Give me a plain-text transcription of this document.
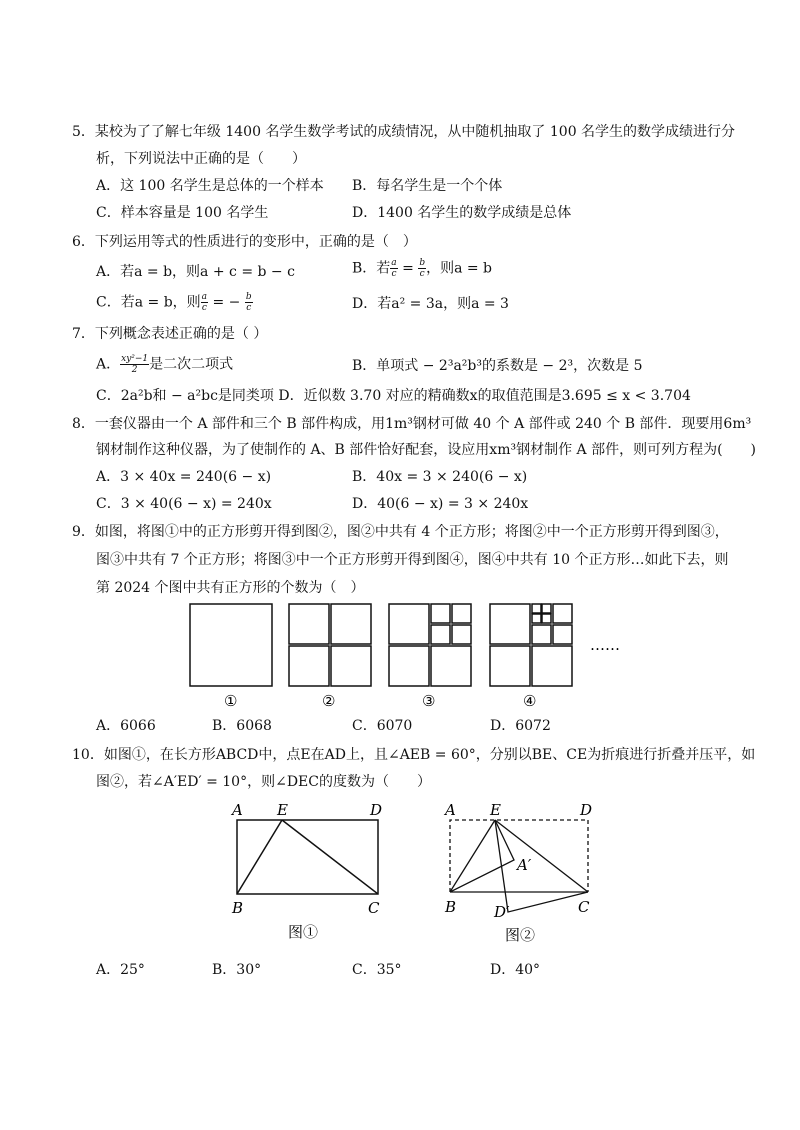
5．某校为了了解七年级 1400 名学生数学考试的成绩情况，从中随机抽取了 100 名学生的数学成绩进行分
析，下列说法中正确的是（　　）
A．这 100 名学生是总体的一个样本 B．每名学生是一个个体
C．样本容量是 100 名学生	D．1400 名学生的数学成绩是总体
6．下列运用等式的性质进行的变形中，正确的是（　）
A．若a = b，则a + c = b − c	B．若 $\frac{a}{c} = \frac{b}{c}$ ，则a = b
C．若a = b，则 $\frac{a}{c}$ = − $\frac{b}{c}$	D．若a² = 3a，则a = 3
7．下列概念表述正确的是（ ）
A． $\frac{\text{xy²−1}}{2}$ 是二次二项式	B．单项式 − 2³a²b³的系数是 − 2³，次数是 5
C．2a²b和 − a²bc是同类项 D．近似数 3.70 对应的精确数x的取值范围是3.695 ≤ x < 3.704
8．一套仪器由一个 A 部件和三个 B 部件构成，用1m³钢材可做 40 个 A 部件或 240 个 B 部件．现要用6m³
钢材制作这种仪器，为了使制作的 A、B 部件恰好配套，设应用xm³钢材制作 A 部件，则可列方程为(　　)
A．3 × 40x = 240(6 − x)	B．40x = 3 × 240(6 − x)
C．3 × 40(6 − x) = 240x	D．40(6 − x) = 3 × 240x
9．如图，将图①中的正方形剪开得到图②，图②中共有 4 个正方形；将图②中一个正方形剪开得到图③，
图③中共有 7 个正方形；将图③中一个正方形剪开得到图④，图④中共有 10 个正方形…如此下去，则
第 2024 个图中共有正方形的个数为（　）
①	②	③	④
……
A．6066	B．6068	C．6070	D．6072
10．如图①，在长方形ABCD中，点E在AD上，且∠AEB = 60°，分别以BE、CE为折痕进行折叠并压平，如
图②，若∠A′ED′ = 10°，则∠DEC的度数为（　　）
A E	D
B	C
图①
A E	D
A′
B	D′	C
图②
A．25°	B．30°	C．35°	D．40°
